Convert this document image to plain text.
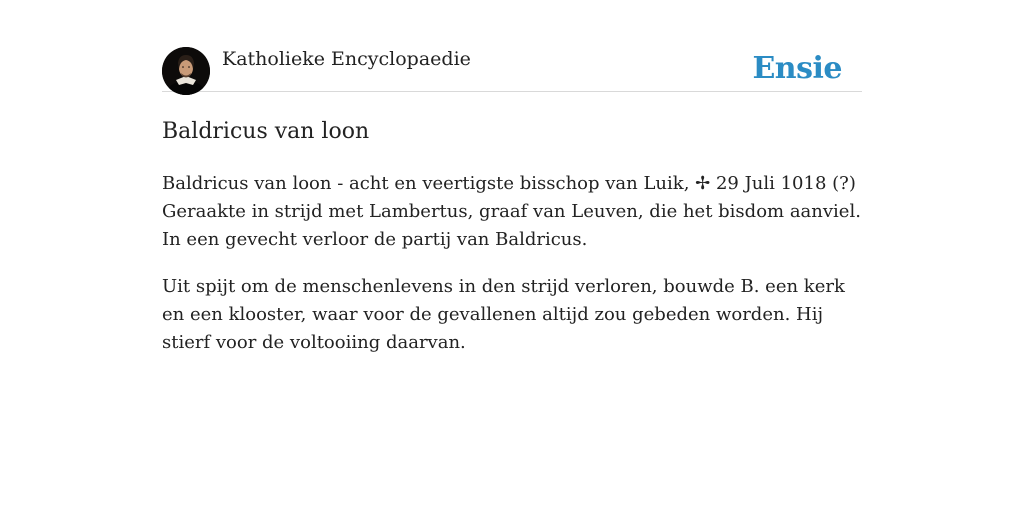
Katholieke Encyclopaedie	Ensie
Baldricus van loon

Baldricus van loon - acht en veertigste bisschop van Luik, ✢ 29 Juli 1018 (?) Geraakte in strijd met Lambertus, graaf van Leuven, die het bisdom aanviel. In een gevecht verloor de partij van Baldricus.

Uit spijt om de menschenlevens in den strijd verloren, bouwde B. een kerk en een klooster, waar voor de gevallenen altijd zou gebeden worden. Hij stierf voor de voltooiing daarvan.
